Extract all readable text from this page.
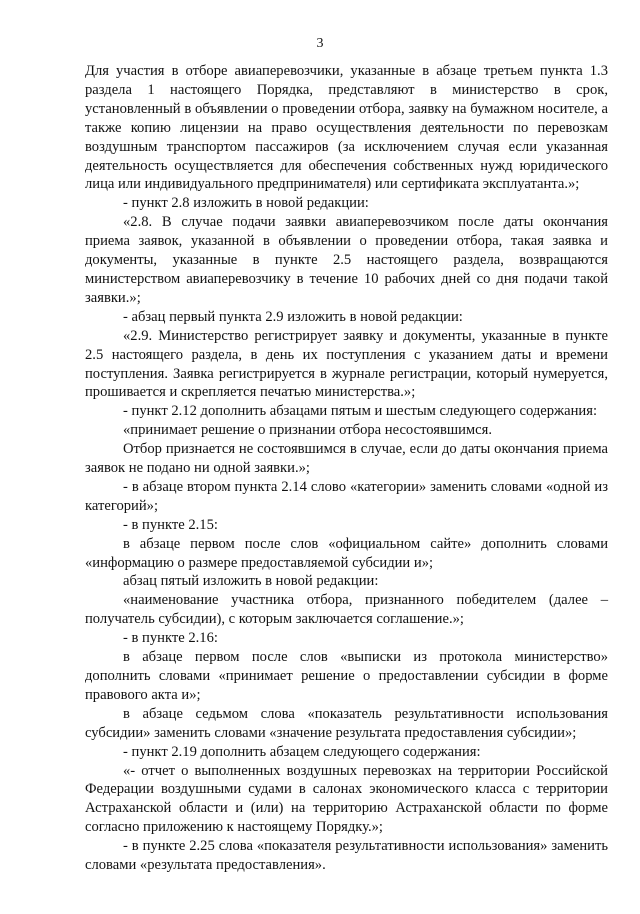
3

Для участия в отборе авиаперевозчики, указанные в абзаце третьем пункта 1.3 раздела 1 настоящего Порядка, представляют в министерство в срок, установленный в объявлении о проведении отбора, заявку на бумажном носителе, а также копию лицензии на право осуществления деятельности по перевозкам воздушным транспортом пассажиров (за исключением случая если указанная деятельность осуществляется для обеспечения собственных нужд юридического лица или индивидуального предпринимателя) или сертификата эксплуатанта.»;

- пункт 2.8 изложить в новой редакции:

«2.8. В случае подачи заявки авиаперевозчиком после даты окончания приема заявок, указанной в объявлении о проведении отбора, такая заявка и документы, указанные в пункте 2.5 настоящего раздела, возвращаются министерством авиаперевозчику в течение 10 рабочих дней со дня подачи такой заявки.»;

- абзац первый пункта 2.9 изложить в новой редакции:

«2.9. Министерство регистрирует заявку и документы, указанные в пункте 2.5 настоящего раздела, в день их поступления с указанием даты и времени поступления. Заявка регистрируется в журнале регистрации, который нумеруется, прошивается и скрепляется печатью министерства.»;

- пункт 2.12 дополнить абзацами пятым и шестым следующего содержания:

«принимает решение о признании отбора несостоявшимся.

Отбор признается не состоявшимся в случае, если до даты окончания приема заявок не подано ни одной заявки.»;

- в абзаце втором пункта 2.14 слово «категории» заменить словами «одной из категорий»;

- в пункте 2.15:

в абзаце первом после слов «официальном сайте» дополнить словами «информацию о размере предоставляемой субсидии и»;

абзац пятый изложить в новой редакции:

«наименование участника отбора, признанного победителем (далее – получатель субсидии), с которым заключается соглашение.»;

- в пункте 2.16:

в абзаце первом после слов «выписки из протокола министерство» дополнить словами «принимает решение о предоставлении субсидии в форме правового акта и»;

в абзаце седьмом слова «показатель результативности использования субсидии» заменить словами «значение результата предоставления субсидии»;

- пункт 2.19 дополнить абзацем следующего содержания:

«- отчет о выполненных воздушных перевозках на территории Российской Федерации воздушными судами в салонах экономического класса с территории Астраханской области и (или) на территорию Астраханской области по форме согласно приложению к настоящему Порядку.»;

- в пункте 2.25 слова «показателя результативности использования» заменить словами «результата предоставления».
